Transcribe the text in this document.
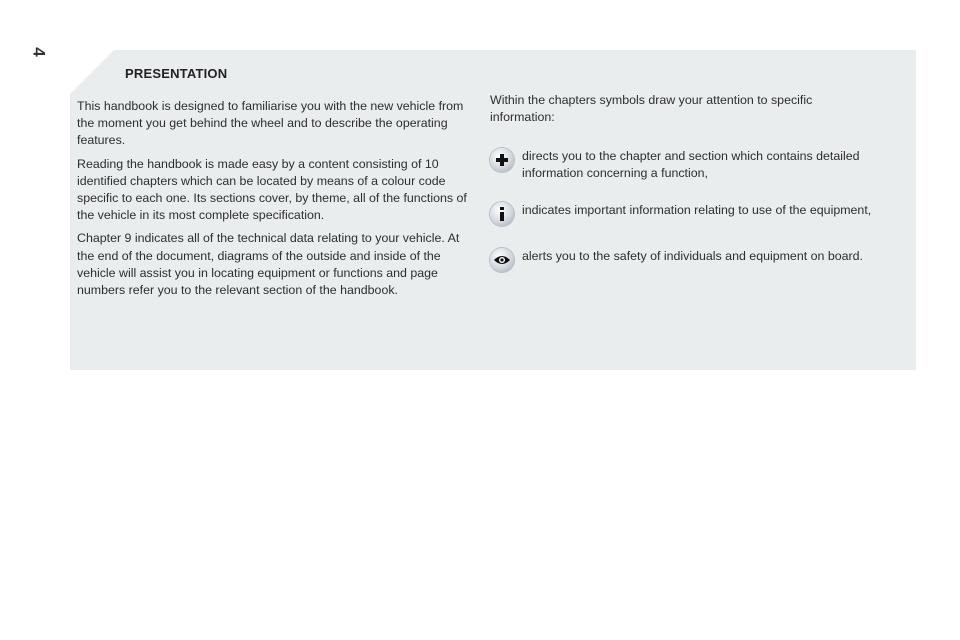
4
PRESENTATION

This handbook is designed to familiarise you with the new vehicle from the moment you get behind the wheel and to describe the operating features.

Reading the handbook is made easy by a content consisting of 10 identified chapters which can be located by means of a colour code specific to each one. Its sections cover, by theme, all of the functions of the vehicle in its most complete specification.

Chapter 9 indicates all of the technical data relating to your vehicle. At the end of the document, diagrams of the outside and inside of the vehicle will assist you in locating equipment or functions and page numbers refer you to the relevant section of the handbook.

Within the chapters symbols draw your attention to specific information:

directs you to the chapter and section which contains detailed information concerning a function,
indicates important information relating to use of the equipment,
alerts you to the safety of individuals and equipment on board.
